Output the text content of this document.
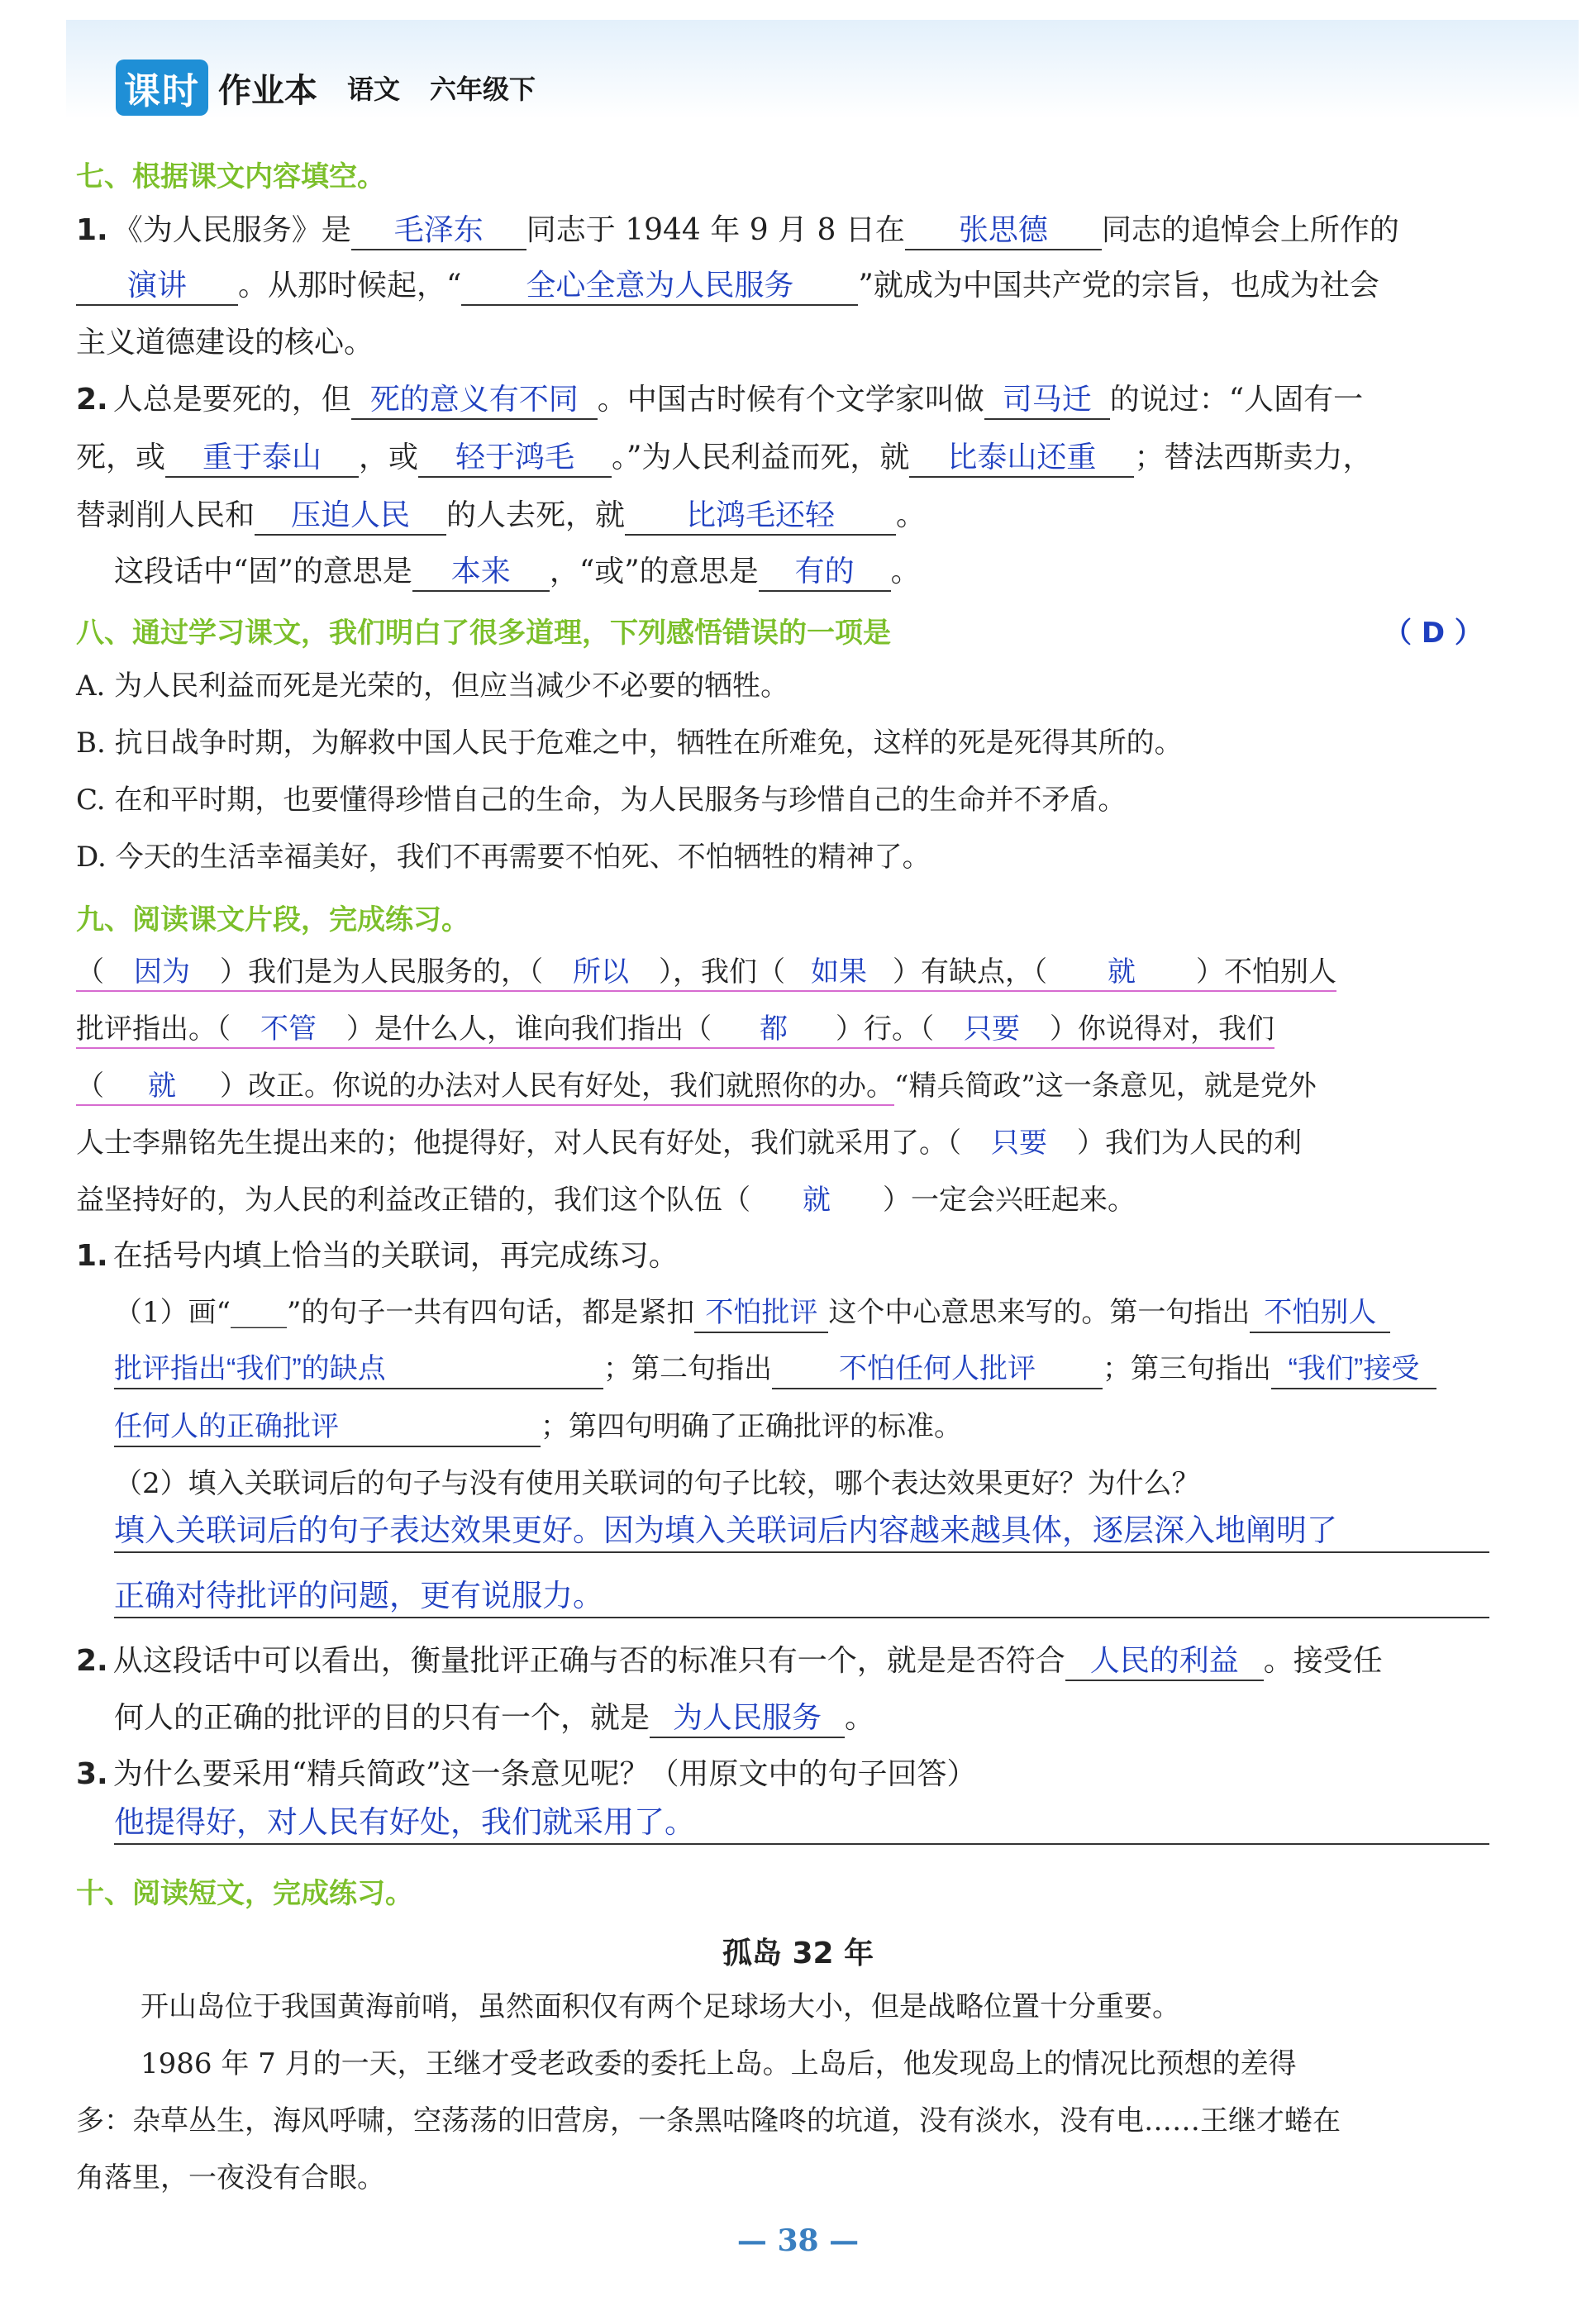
课时 作业本 语文 六年级下
七、根据课文内容填空。
1. 《为人民服务》是 毛泽东 同志于 1944 年 9 月 8 日在 张思德 同志的追悼会上所作的
演讲 。从那时候起，“ 全心全意为人民服务 ”就成为中国共产党的宗旨，也成为社会
主义道德建设的核心。
2. 人总是要死的，但 死的意义有不同 。中国古时候有个文学家叫做 司马迁 的说过：“人固有一
死，或 重于泰山 ，或 轻于鸿毛 。”为人民利益而死，就 比泰山还重 ；替法西斯卖力，
替剥削人民和 压迫人民 的人去死，就 比鸿毛还轻 。
这段话中“固”的意思是 本来 ，“或”的意思是 有的 。
八、通过学习课文，我们明白了很多道理，下列感悟错误的一项是	（ D ）
A. 为人民利益而死是光荣的，但应当减少不必要的牺牲。
B. 抗日战争时期，为解救中国人民于危难之中，牺牲在所难免，这样的死是死得其所的。
C. 在和平时期，也要懂得珍惜自己的生命，为人民服务与珍惜自己的生命并不矛盾。
D. 今天的生活幸福美好，我们不再需要不怕死、不怕牺牲的精神了。
九、阅读课文片段，完成练习。
（ 因为 ）我们是为人民服务的，（ 所以 ），我们（ 如果 ）有缺点，（ 就 ）不怕别人
批评指出。（ 不管 ）是什么人，谁向我们指出（ 都 ）行。（ 只要 ）你说得对，我们
（ 就 ）改正。你说的办法对人民有好处，我们就照你的办。“精兵简政”这一条意见，就是党外
人士李鼎铭先生提出来的；他提得好，对人民有好处，我们就采用了。（ 只要 ）我们为人民的利
益坚持好的，为人民的利益改正错的，我们这个队伍（ 就 ）一定会兴旺起来。
1. 在括号内填上恰当的关联词，再完成练习。
（1）画“____”的句子一共有四句话，都是紧扣 不怕批评 这个中心意思来写的。第一句指出 不怕别人
批评指出“我们”的缺点	；第二句指出 不怕任何人批评 ；第三句指出 “我们”接受
任何人的正确批评	；第四句明确了正确批评的标准。
（2）填入关联词后的句子与没有使用关联词的句子比较，哪个表达效果更好？为什么？
填入关联词后的句子表达效果更好。因为填入关联词后内容越来越具体，逐层深入地阐明了
正确对待批评的问题，更有说服力。
2. 从这段话中可以看出，衡量批评正确与否的标准只有一个，就是是否符合 人民的利益 。接受任
何人的正确的批评的目的只有一个，就是 为人民服务 。
3. 为什么要采用“精兵简政”这一条意见呢？（用原文中的句子回答）
他提得好，对人民有好处，我们就采用了。
十、阅读短文，完成练习。
孤岛 32 年
开山岛位于我国黄海前哨，虽然面积仅有两个足球场大小，但是战略位置十分重要。
1986 年 7 月的一天，王继才受老政委的委托上岛。上岛后，他发现岛上的情况比预想的差得
多：杂草丛生，海风呼啸，空荡荡的旧营房，一条黑咕隆咚的坑道，没有淡水，没有电……王继才蜷在
角落里，一夜没有合眼。
— 38 —
